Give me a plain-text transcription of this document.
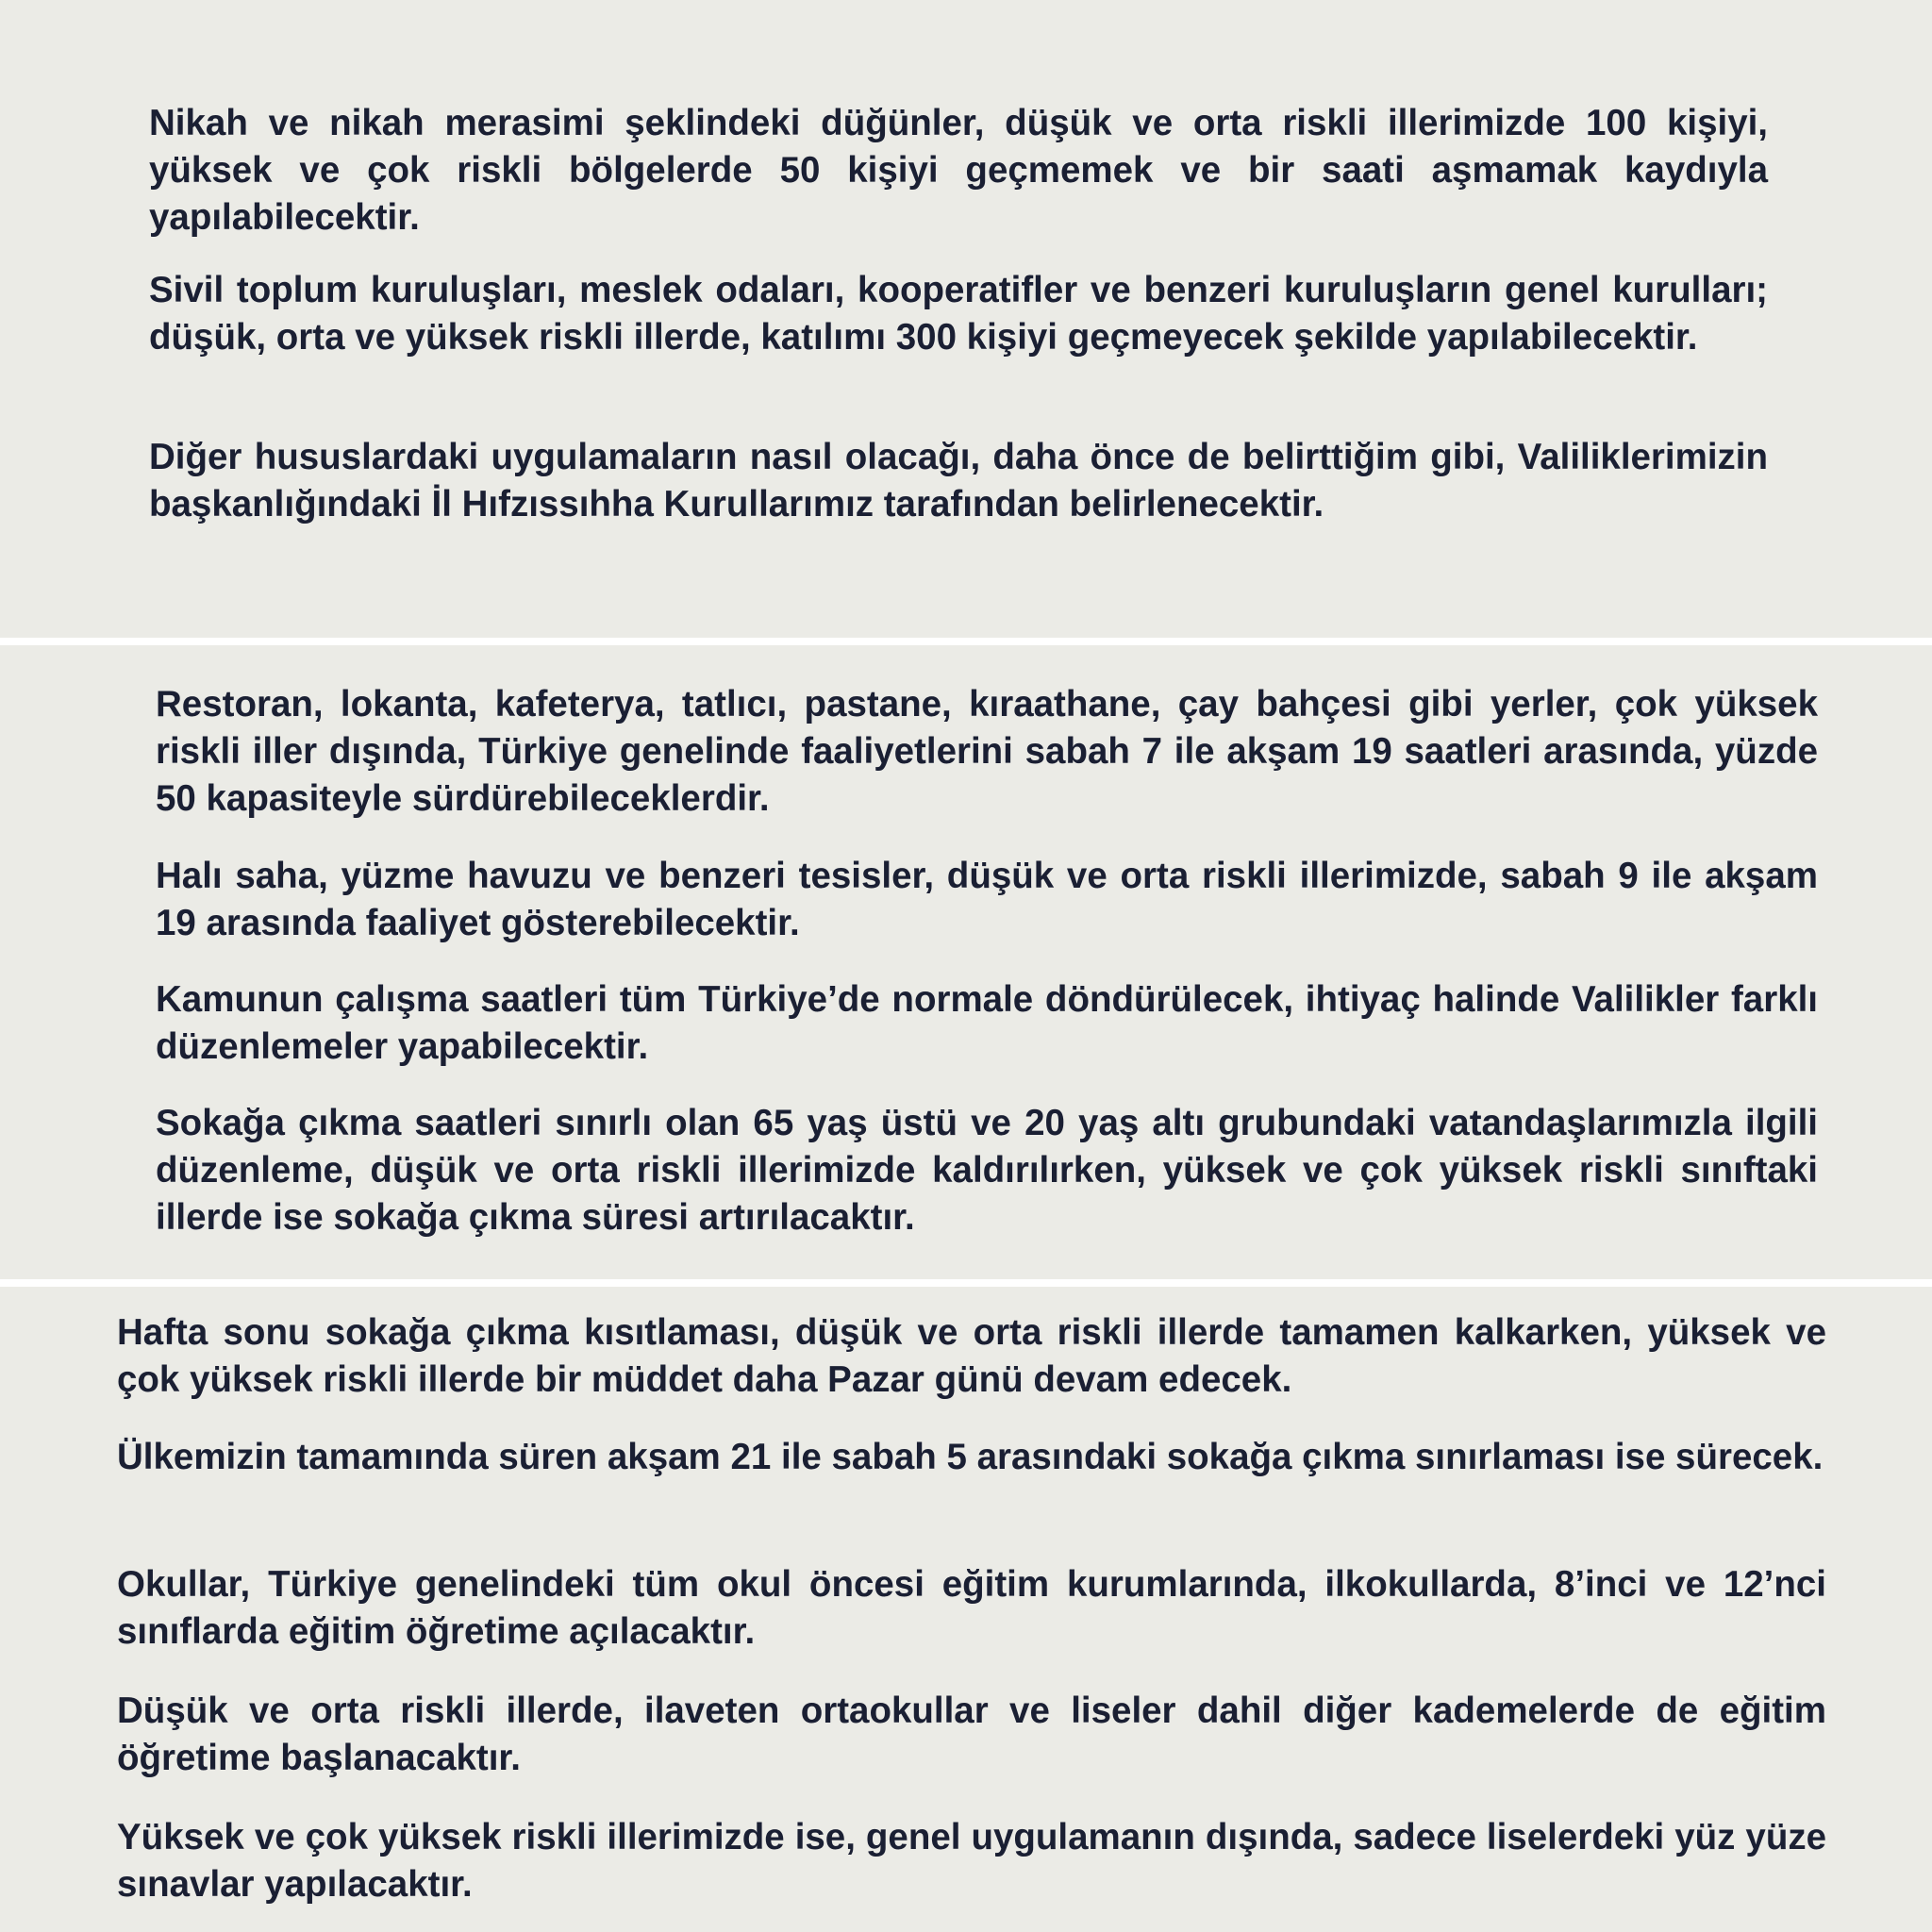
Nikah ve nikah merasimi şeklindeki düğünler, düşük ve orta riskli illerimizde 100 kişiyi, yüksek ve çok riskli bölgelerde 50 kişiyi geçmemek ve bir saati aşmamak kaydıyla yapılabilecektir.

Sivil toplum kuruluşları, meslek odaları, kooperatifler ve benzeri kuruluşların genel kurulları; düşük, orta ve yüksek riskli illerde, katılımı 300 kişiyi geçmeyecek şekilde yapılabilecektir.

Diğer hususlardaki uygulamaların nasıl olacağı, daha önce de belirttiğim gibi, Valiliklerimizin başkanlığındaki İl Hıfzıssıhha Kurullarımız tarafından belirlenecektir.

Restoran, lokanta, kafeterya, tatlıcı, pastane, kıraathane, çay bahçesi gibi yerler, çok yüksek riskli iller dışında, Türkiye genelinde faaliyetlerini sabah 7 ile akşam 19 saatleri arasında, yüzde 50 kapasiteyle sürdürebileceklerdir.

Halı saha, yüzme havuzu ve benzeri tesisler, düşük ve orta riskli illerimizde, sabah 9 ile akşam 19 arasında faaliyet gösterebilecektir.

Kamunun çalışma saatleri tüm Türkiye’de normale döndürülecek, ihtiyaç halinde Valilikler farklı düzenlemeler yapabilecektir.

Sokağa çıkma saatleri sınırlı olan 65 yaş üstü ve 20 yaş altı grubundaki vatandaşlarımızla ilgili düzenleme, düşük ve orta riskli illerimizde kaldırılırken, yüksek ve çok yüksek riskli sınıftaki illerde ise sokağa çıkma süresi artırılacaktır.

Hafta sonu sokağa çıkma kısıtlaması, düşük ve orta riskli illerde tamamen kalkarken, yüksek ve çok yüksek riskli illerde bir müddet daha Pazar günü devam edecek.

Ülkemizin tamamında süren akşam 21 ile sabah 5 arasındaki sokağa çıkma sınırlaması ise sürecek.

Okullar, Türkiye genelindeki tüm okul öncesi eğitim kurumlarında, ilkokullarda, 8’inci ve 12’nci sınıflarda eğitim öğretime açılacaktır.

Düşük ve orta riskli illerde, ilaveten ortaokullar ve liseler dahil diğer kademelerde de eğitim öğretime başlanacaktır.

Yüksek ve çok yüksek riskli illerimizde ise, genel uygulamanın dışında, sadece liselerdeki yüz yüze sınavlar yapılacaktır.
